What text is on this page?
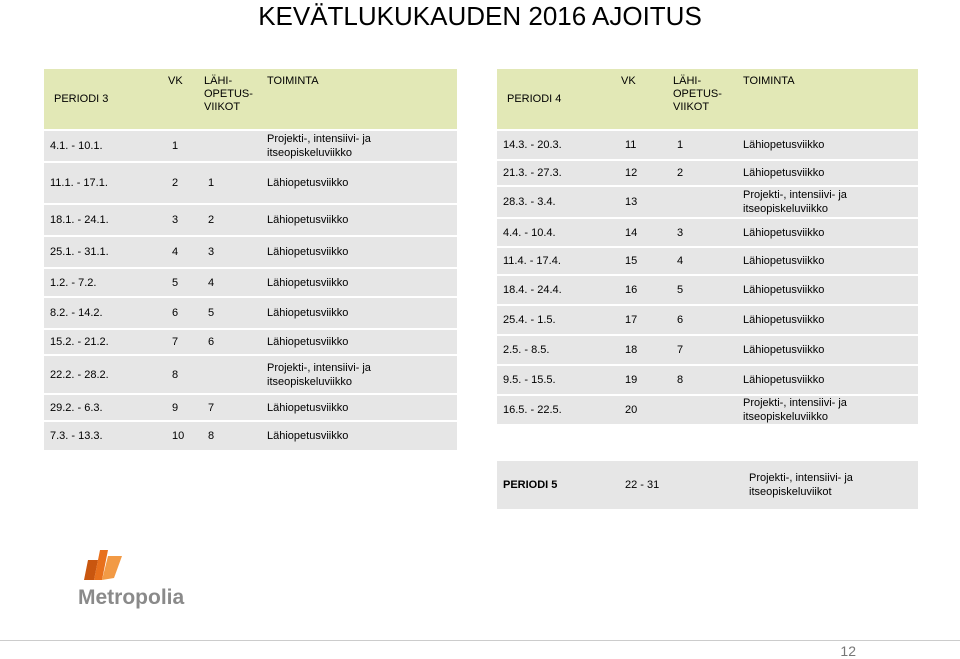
KEVÄTLUKUKAUDEN 2016 AJOITUS
PERIODI 3	VK	LÄHI-
OPETUS-
VIIKOT	TOIMINTA
4.1. - 10.1.	1		Projekti-, intensiivi- ja itseopiskeluviikko
11.1. - 17.1.	2	1	Lähiopetusviikko
18.1. - 24.1.	3	2	Lähiopetusviikko
25.1. - 31.1.	4	3	Lähiopetusviikko
1.2. - 7.2.	5	4	Lähiopetusviikko
8.2. - 14.2.	6	5	Lähiopetusviikko
15.2. - 21.2.	7	6	Lähiopetusviikko
22.2. - 28.2.	8		Projekti-, intensiivi- ja itseopiskeluviikko
29.2. - 6.3.	9	7	Lähiopetusviikko
7.3. - 13.3.	10	8	Lähiopetusviikko
PERIODI 4	VK	LÄHI-
OPETUS-
VIIKOT	TOIMINTA
14.3. - 20.3.	11	1	Lähiopetusviikko
21.3. - 27.3.	12	2	Lähiopetusviikko
28.3. - 3.4.	13		Projekti-, intensiivi- ja itseopiskeluviikko
4.4. - 10.4.	14	3	Lähiopetusviikko
11.4. - 17.4.	15	4	Lähiopetusviikko
18.4. - 24.4.	16	5	Lähiopetusviikko
25.4. - 1.5.	17	6	Lähiopetusviikko
2.5. - 8.5.	18	7	Lähiopetusviikko
9.5. - 15.5.	19	8	Lähiopetusviikko
16.5. - 22.5.	20		Projekti-, intensiivi- ja itseopiskeluviikko
PERIODI 5	22 - 31	Projekti-, intensiivi- ja itseopiskeluviikot
Metropolia
12
